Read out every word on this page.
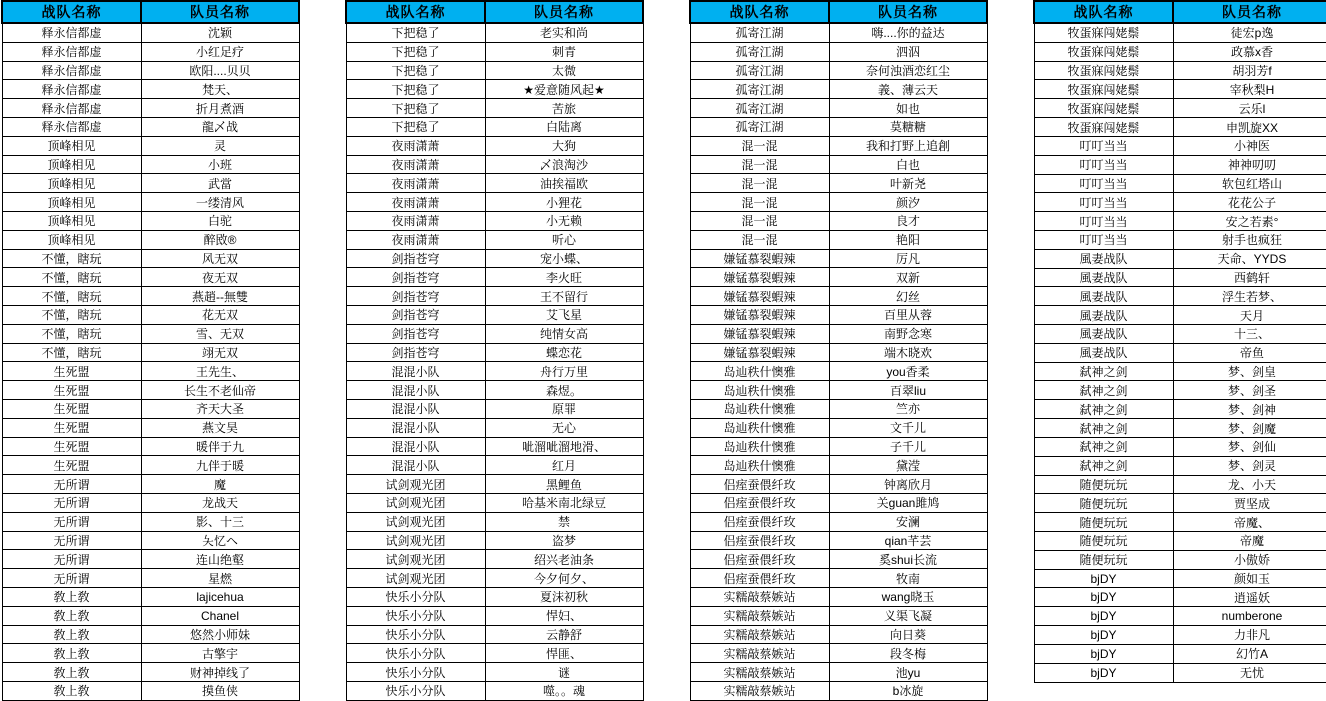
战队名称	队员名称
释永信都虚	沈颖
释永信都虚	小红足疗
释永信都虚	欧阳....贝贝
释永信都虚	梵天、
释永信都虚	折月煮酒
释永信都虚	龍乄战
顶峰相见	灵
顶峰相见	小班
顶峰相见	武當
顶峰相见	一缕清风
顶峰相见	白驼
顶峰相见	醉敃®
不懂，瞎玩	风无双
不懂，瞎玩	夜无双
不懂，瞎玩	燕趙--無雙
不懂，瞎玩	花无双
不懂，瞎玩	雪、无双
不懂，瞎玩	翊无双
生死盟	王先生、
生死盟	长生不老仙帝
生死盟	齐天大圣
生死盟	燕文昊
生死盟	暖伴于九
生死盟	九伴于暖
无所谓	魔
无所谓	龙战天
无所谓	影、十三
无所谓	夨忆ヘ
无所谓	连山绝壑
无所谓	星燃
敎上敎	lajicehua
敎上敎	Chanel
敎上敎	悠然小师妹
敎上敎	古擎宇
敎上敎	财神掉线了
敎上敎	摸鱼侠
战队名称	队员名称
下把稳了	老实和尚
下把稳了	刺青
下把稳了	太微
下把稳了	★爱意随风起★
下把稳了	苦旅
下把稳了	白陆离
夜雨潇萧	大狗
夜雨潇萧	乄浪淘沙
夜雨潇萧	油挨福欧
夜雨潇萧	小狸花
夜雨潇萧	小无赖
夜雨潇萧	听心
剑指苍穹	宠小蝶、
剑指苍穹	李火旺
剑指苍穹	王不留行
剑指苍穹	艾飞星
剑指苍穹	纯情女高
剑指苍穹	蝶恋花
混混小队	舟行万里
混混小队	森煜。
混混小队	原罪
混混小队	无心
混混小队	呲溜呲溜地滑、
混混小队	红月
试剑观光团	黑鲤鱼
试剑观光团	哈基米南北绿豆
试剑观光团	禁
试剑观光团	盗梦
试剑观光团	绍兴老油条
试剑观光团	今夕何夕、
快乐小分队	夏沫初秋
快乐小分队	悍妇、
快乐小分队	云静舒
快乐小分队	悍匪、
快乐小分队	谜
快乐小分队	噬。。魂
战队名称	队员名称
孤寄江湖	嗨....你的益达
孤寄江湖	泗泅
孤寄江湖	奈何浊酒恋红尘
孤寄江湖	義、薄云天
孤寄江湖	如也
孤寄江湖	莫糖糖
混一混	我和打野上追創
混一混	白也
混一混	叶新尧
混一混	颜汐
混一混	良才
混一混	艳阳
嫌锰慕裂蝦辣	厉凡
嫌锰慕裂蝦辣	双新
嫌锰慕裂蝦辣	幻丝
嫌锰慕裂蝦辣	百里从蓉
嫌锰慕裂蝦辣	南野念寒
嫌锰慕裂蝦辣	端木晓欢
岛辿秩什懊雅	you香柔
岛辿秩什懊雅	百翠liu
岛辿秩什懊雅	竺亦
岛辿秩什懊雅	文千儿
岛辿秩什懊雅	子千儿
岛辿秩什懊雅	黛滢
侣痓蚕偎纤玫	钟离欣月
侣痓蚕偎纤玫	关guan雎鸠
侣痓蚕偎纤玫	安澜
侣痓蚕偎纤玫	qian芊芸
侣痓蚕偎纤玫	奚shui长流
侣痓蚕偎纤玫	牧南
实糯敲蔡嫉站	wang晓玉
实糯敲蔡嫉站	义渠飞凝
实糯敲蔡嫉站	向日葵
实糯敲蔡嫉站	段冬梅
实糯敲蔡嫉站	池yu
实糯敲蔡嫉站	b冰旋
战队名称	队员名称
牧蛋寐闯姥鬃	徒宏p逸
牧蛋寐闯姥鬃	政慕x香
牧蛋寐闯姥鬃	胡羽芳f
牧蛋寐闯姥鬃	宰秋梨H
牧蛋寐闯姥鬃	云乐l
牧蛋寐闯姥鬃	申凯旋XX
叮叮当当	小神医
叮叮当当	神神叨叨
叮叮当当	软包红塔山
叮叮当当	花花公子
叮叮当当	安之若素°
叮叮当当	射手也疯狂
風妻战队	天命、YYDS
風妻战队	西鹤轩
風妻战队	浮生若梦、
風妻战队	天月
風妻战队	十三、
風妻战队	帝鱼
弑神之剑	梦、剑皇
弑神之剑	梦、剑圣
弑神之剑	梦、剑神
弑神之剑	梦、剑魔
弑神之剑	梦、剑仙
弑神之剑	梦、剑灵
随便玩玩	龙、小天
随便玩玩	贾坚成
随便玩玩	帝魔、
随便玩玩	帝魔
随便玩玩	小傲娇
bjDY	颜如玉
bjDY	逍遥妖
bjDY	numberone
bjDY	力非凡
bjDY	幻竹A
bjDY	无忧
